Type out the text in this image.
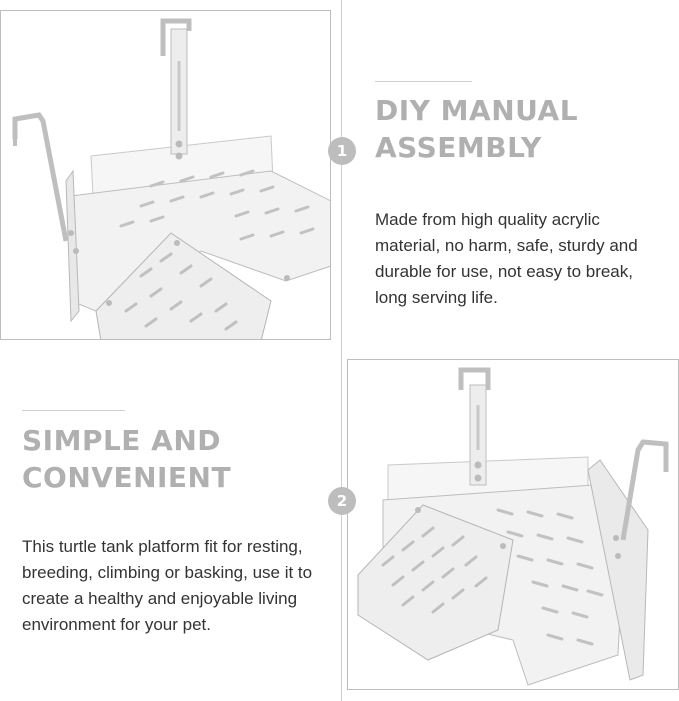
1
DIY MANUAL
ASSEMBLY

Made from high quality acrylic material, no harm, safe, sturdy and durable for use, not easy to break, long serving life.

SIMPLE AND
CONVENIENT

This turtle tank platform fit for resting, breeding, climbing or basking, use it to create a healthy and enjoyable living environment for your pet.

2
